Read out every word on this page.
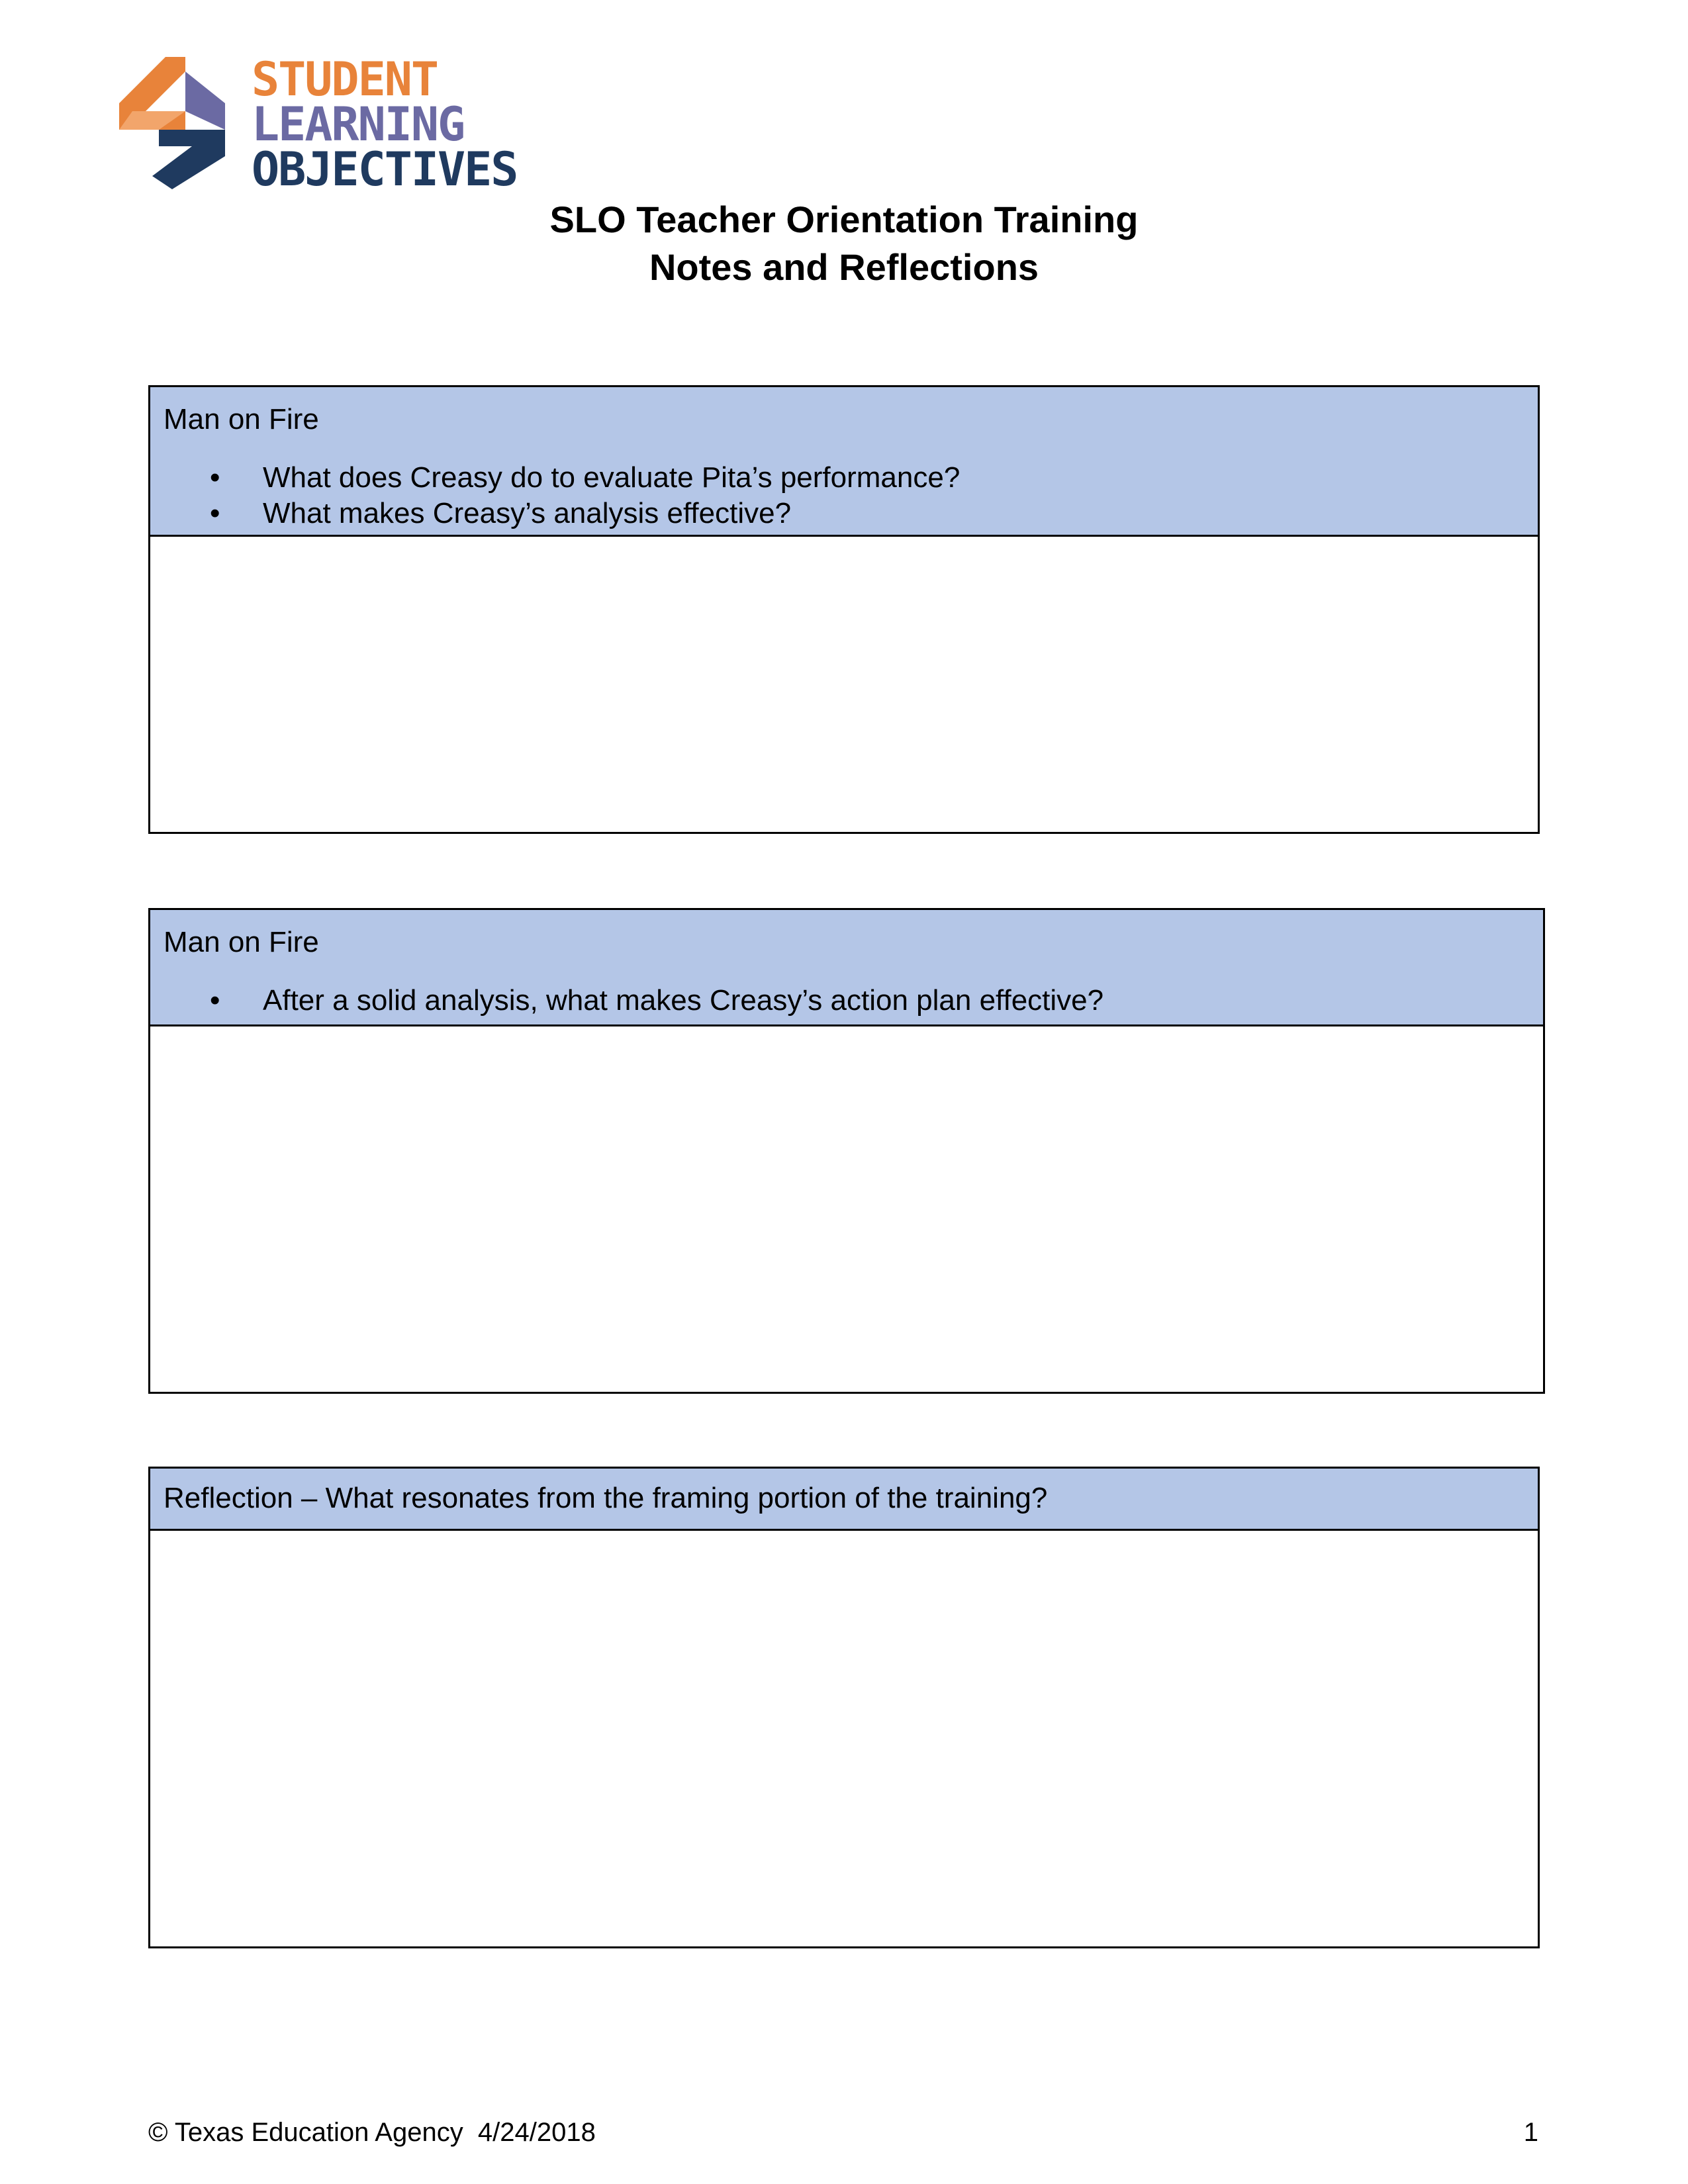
STUDENT
LEARNING
OBJECTIVES
SLO Teacher Orientation Training
Notes and Reflections
Man on Fire
• What does Creasy do to evaluate Pita’s performance?
• What makes Creasy’s analysis effective?
Man on Fire
• After a solid analysis, what makes Creasy’s action plan effective?
Reflection – What resonates from the framing portion of the training?
© Texas Education Agency  4/24/2018	1
